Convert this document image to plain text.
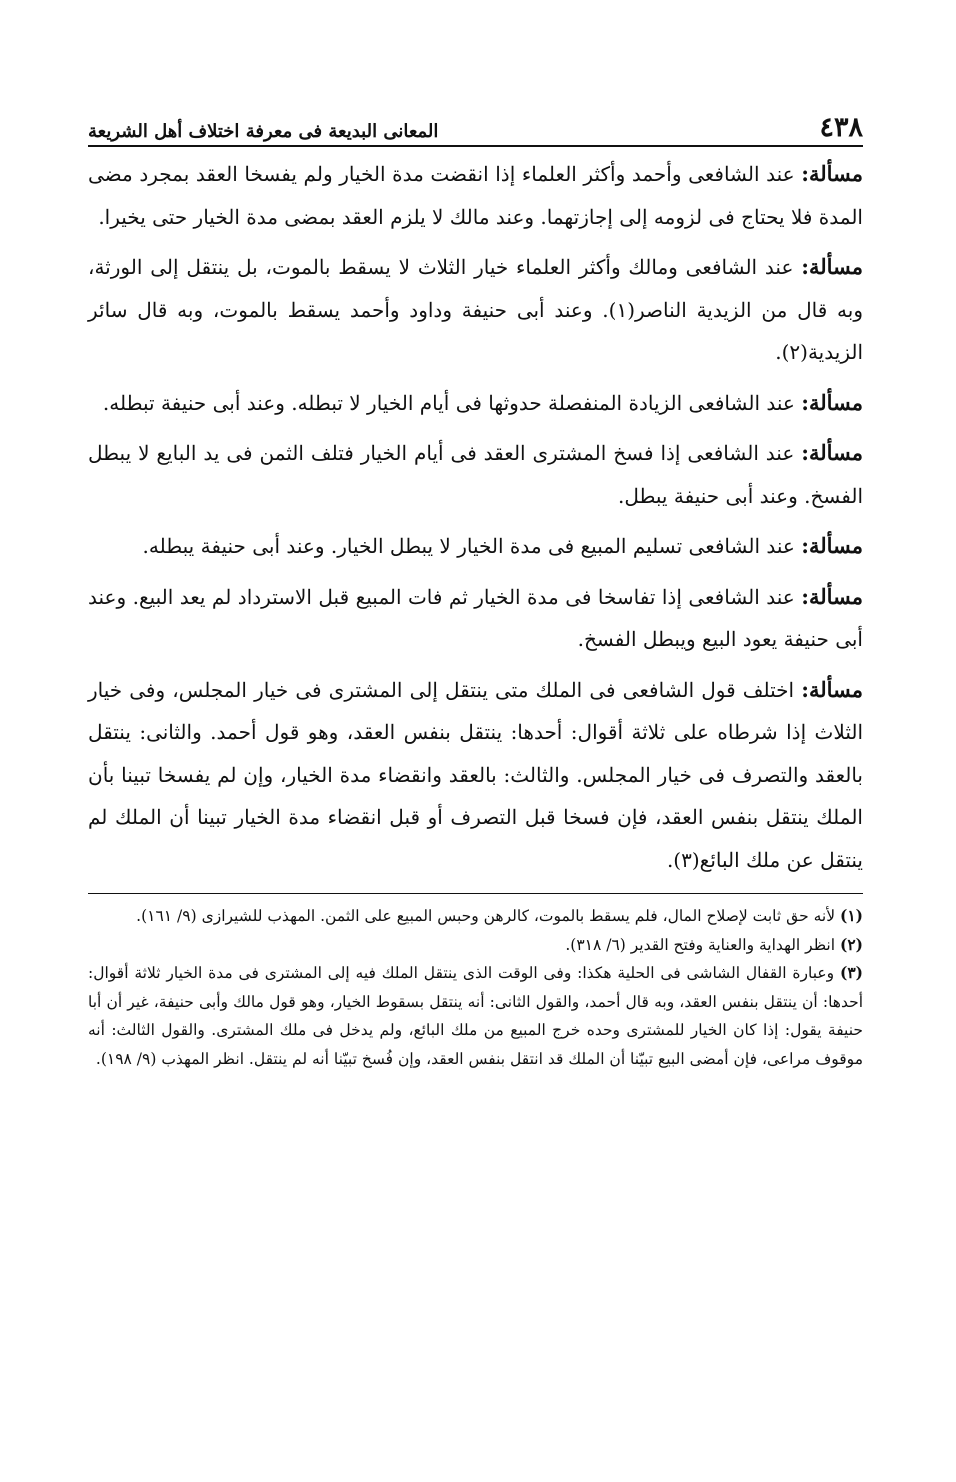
٤٣٨
المعانى البديعة فى معرفة اختلاف أهل الشريعة

مسألة: عند الشافعى وأحمد وأكثر العلماء إذا انقضت مدة الخيار ولم يفسخا العقد بمجرد مضى المدة فلا يحتاج فى لزومه إلى إجازتهما. وعند مالك لا يلزم العقد بمضى مدة الخيار حتى يخيرا.

مسألة: عند الشافعى ومالك وأكثر العلماء خيار الثلاث لا يسقط بالموت، بل ينتقل إلى الورثة، وبه قال من الزيدية الناصر(١). وعند أبى حنيفة وداود وأحمد يسقط بالموت، وبه قال سائر الزيدية(٢).

مسألة: عند الشافعى الزيادة المنفصلة حدوثها فى أيام الخيار لا تبطله. وعند أبى حنيفة تبطله.

مسألة: عند الشافعى إذا فسخ المشترى العقد فى أيام الخيار فتلف الثمن فى يد البايع لا يبطل الفسخ. وعند أبى حنيفة يبطل.

مسألة: عند الشافعى تسليم المبيع فى مدة الخيار لا يبطل الخيار. وعند أبى حنيفة يبطله.

مسألة: عند الشافعى إذا تفاسخا فى مدة الخيار ثم فات المبيع قبل الاسترداد لم يعد البيع. وعند أبى حنيفة يعود البيع ويبطل الفسخ.

مسألة: اختلف قول الشافعى فى الملك متى ينتقل إلى المشترى فى خيار المجلس، وفى خيار الثلاث إذا شرطاه على ثلاثة أقوال: أحدها: ينتقل بنفس العقد، وهو قول أحمد. والثانى: ينتقل بالعقد والتصرف فى خيار المجلس. والثالث: بالعقد وانقضاء مدة الخيار، وإن لم يفسخا تبينا بأن الملك ينتقل بنفس العقد، فإن فسخا قبل التصرف أو قبل انقضاء مدة الخيار تبينا أن الملك لم ينتقل عن ملك البائع(٣).

(١) لأنه حق ثابت لإصلاح المال، فلم يسقط بالموت، كالرهن وحبس المبيع على الثمن. المهذب للشيرازى (٩/ ١٦١).

(٢) انظر الهداية والعناية وفتح القدير (٦/ ٣١٨).

(٣) وعبارة القفال الشاشى فى الحلية هكذا: وفى الوقت الذى ينتقل الملك فيه إلى المشترى فى مدة الخيار ثلاثة أقوال: أحدها: أن ينتقل بنفس العقد، وبه قال أحمد، والقول الثانى: أنه ينتقل بسقوط الخيار، وهو قول مالك وأبى حنيفة، غير أن أبا حنيفة يقول: إذا كان الخيار للمشترى وحده خرج المبيع من ملك البائع، ولم يدخل فى ملك المشترى. والقول الثالث: أنه موقوف مراعى، فإن أمضى البيع تبيّنا أن الملك قد انتقل بنفس العقد، وإن فُسخ تبيّنا أنه لم ينتقل. انظر المهذب (٩/ ١٩٨).
